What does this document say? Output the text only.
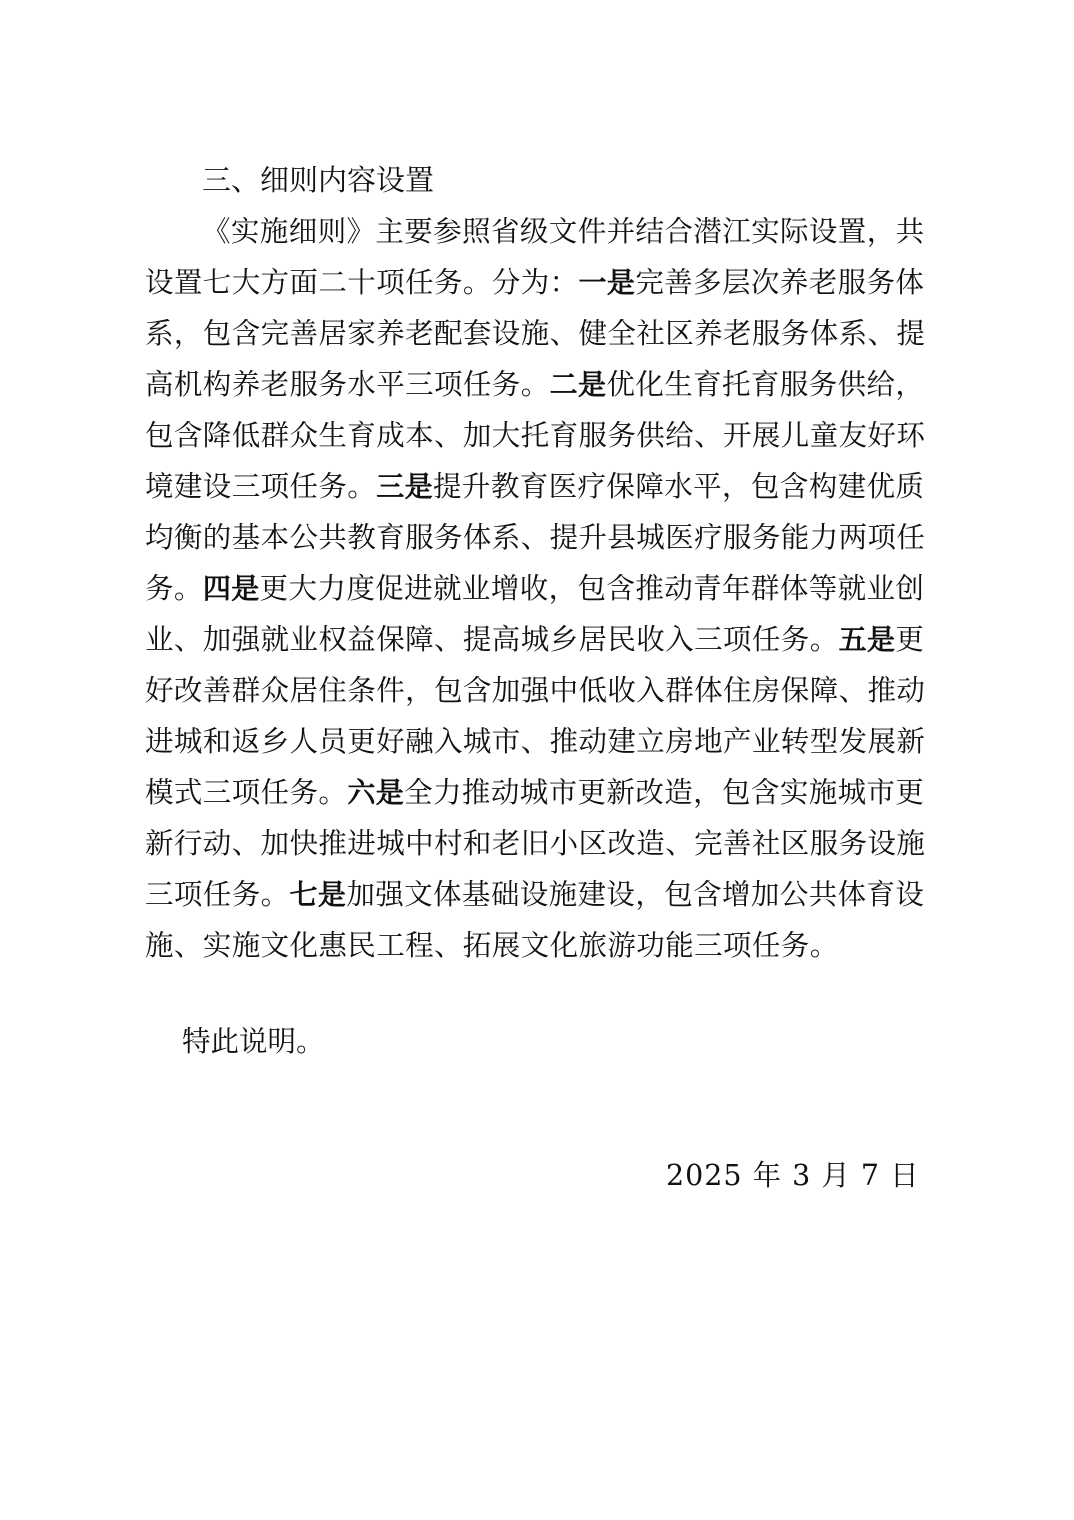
三、细则内容设置
《实施细则》主要参照省级文件并结合潜江实际设置，共
设置七大方面二十项任务。分为：一是完善多层次养老服务体
系，包含完善居家养老配套设施、健全社区养老服务体系、提
高机构养老服务水平三项任务。二是优化生育托育服务供给，
包含降低群众生育成本、加大托育服务供给、开展儿童友好环
境建设三项任务。三是提升教育医疗保障水平，包含构建优质
均衡的基本公共教育服务体系、提升县城医疗服务能力两项任
务。四是更大力度促进就业增收，包含推动青年群体等就业创
业、加强就业权益保障、提高城乡居民收入三项任务。五是更
好改善群众居住条件，包含加强中低收入群体住房保障、推动
进城和返乡人员更好融入城市、推动建立房地产业转型发展新
模式三项任务。六是全力推动城市更新改造，包含实施城市更
新行动、加快推进城中村和老旧小区改造、完善社区服务设施
三项任务。七是加强文体基础设施建设，包含增加公共体育设
施、实施文化惠民工程、拓展文化旅游功能三项任务。
特此说明。
2025 年 3 月 7 日
